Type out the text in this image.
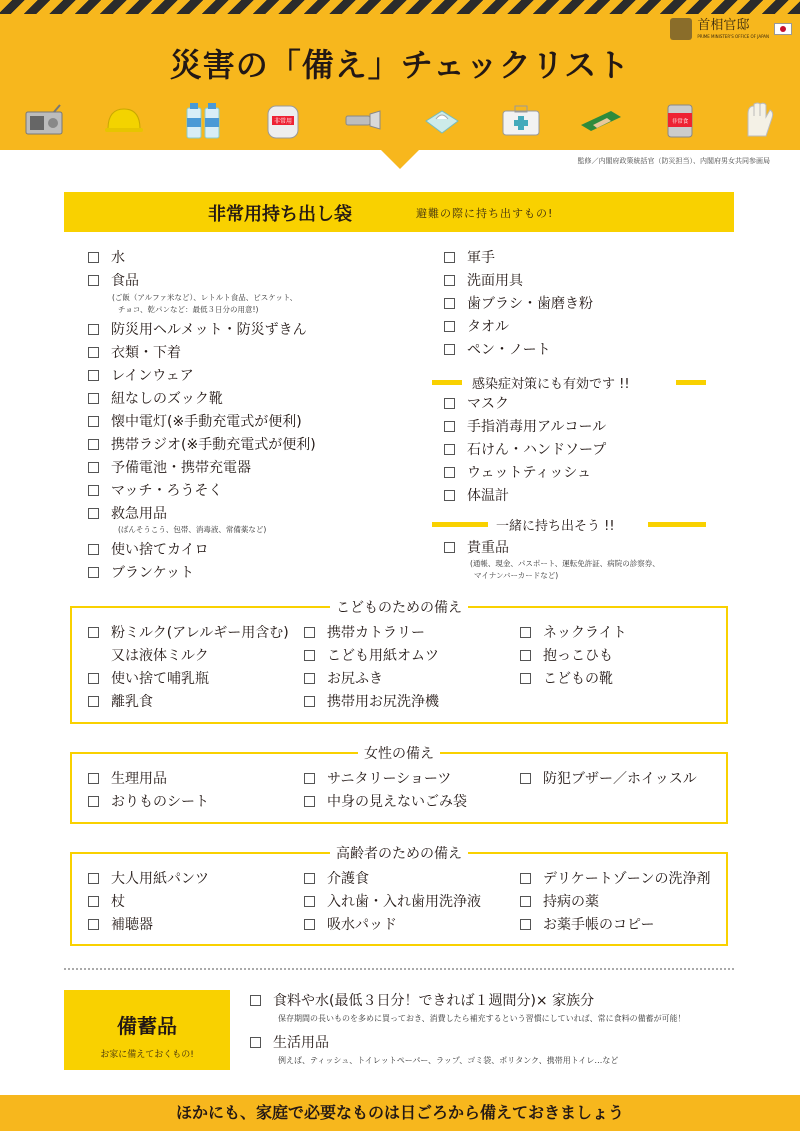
首相官邸
PRIME MINISTER'S OFFICE OF JAPAN
災害の「備え」チェックリスト
非常用	非常食
監修／内閣府政策統括官（防災担当）、内閣府男女共同参画局
非常用持ち出し袋	避難の際に持ち出すもの!
水
食品
(ご飯（アルファ米など）、レトルト食品、ビスケット、
チョコ、乾パンなど：最低３日分の用意!)
防災用ヘルメット・防災ずきん
衣類・下着
レインウェア
紐なしのズック靴
懐中電灯(※手動充電式が便利)
携帯ラジオ(※手動充電式が便利)
予備電池・携帯充電器
マッチ・ろうそく
救急用品
(ばんそうこう、包帯、消毒液、常備薬など)
使い捨てカイロ
ブランケット
軍手
洗面用具
歯ブラシ・歯磨き粉
タオル
ペン・ノート
感染症対策にも有効です !!
マスク
手指消毒用アルコール
石けん・ハンドソープ
ウェットティッシュ
体温計
一緒に持ち出そう !!
貴重品
(通帳、現金、パスポート、運転免許証、病院の診察券、
マイナンバーカードなど)
こどものための備え
粉ミルク(アレルギー用含む)
又は液体ミルク
使い捨て哺乳瓶
離乳食
携帯カトラリー
こども用紙オムツ
お尻ふき
携帯用お尻洗浄機
ネックライト
抱っこひも
こどもの靴
女性の備え
生理用品
おりものシート
サニタリーショーツ
中身の見えないごみ袋
防犯ブザー／ホイッスル
高齢者のための備え
大人用紙パンツ
杖
補聴器
介護食
入れ歯・入れ歯用洗浄液
吸水パッド
デリケートゾーンの洗浄剤
持病の薬
お薬手帳のコピー
備蓄品
お家に備えておくもの!
食料や水(最低３日分！できれば１週間分)× 家族分
保存期間の長いものを多めに買っておき、消費したら補充するという習慣にしていれば、常に食料の備蓄が可能！
生活用品
例えば、ティッシュ、トイレットペーパー、ラップ、ゴミ袋、ポリタンク、携帯用トイレ…など
ほかにも、家庭で必要なものは日ごろから備えておきましょう
